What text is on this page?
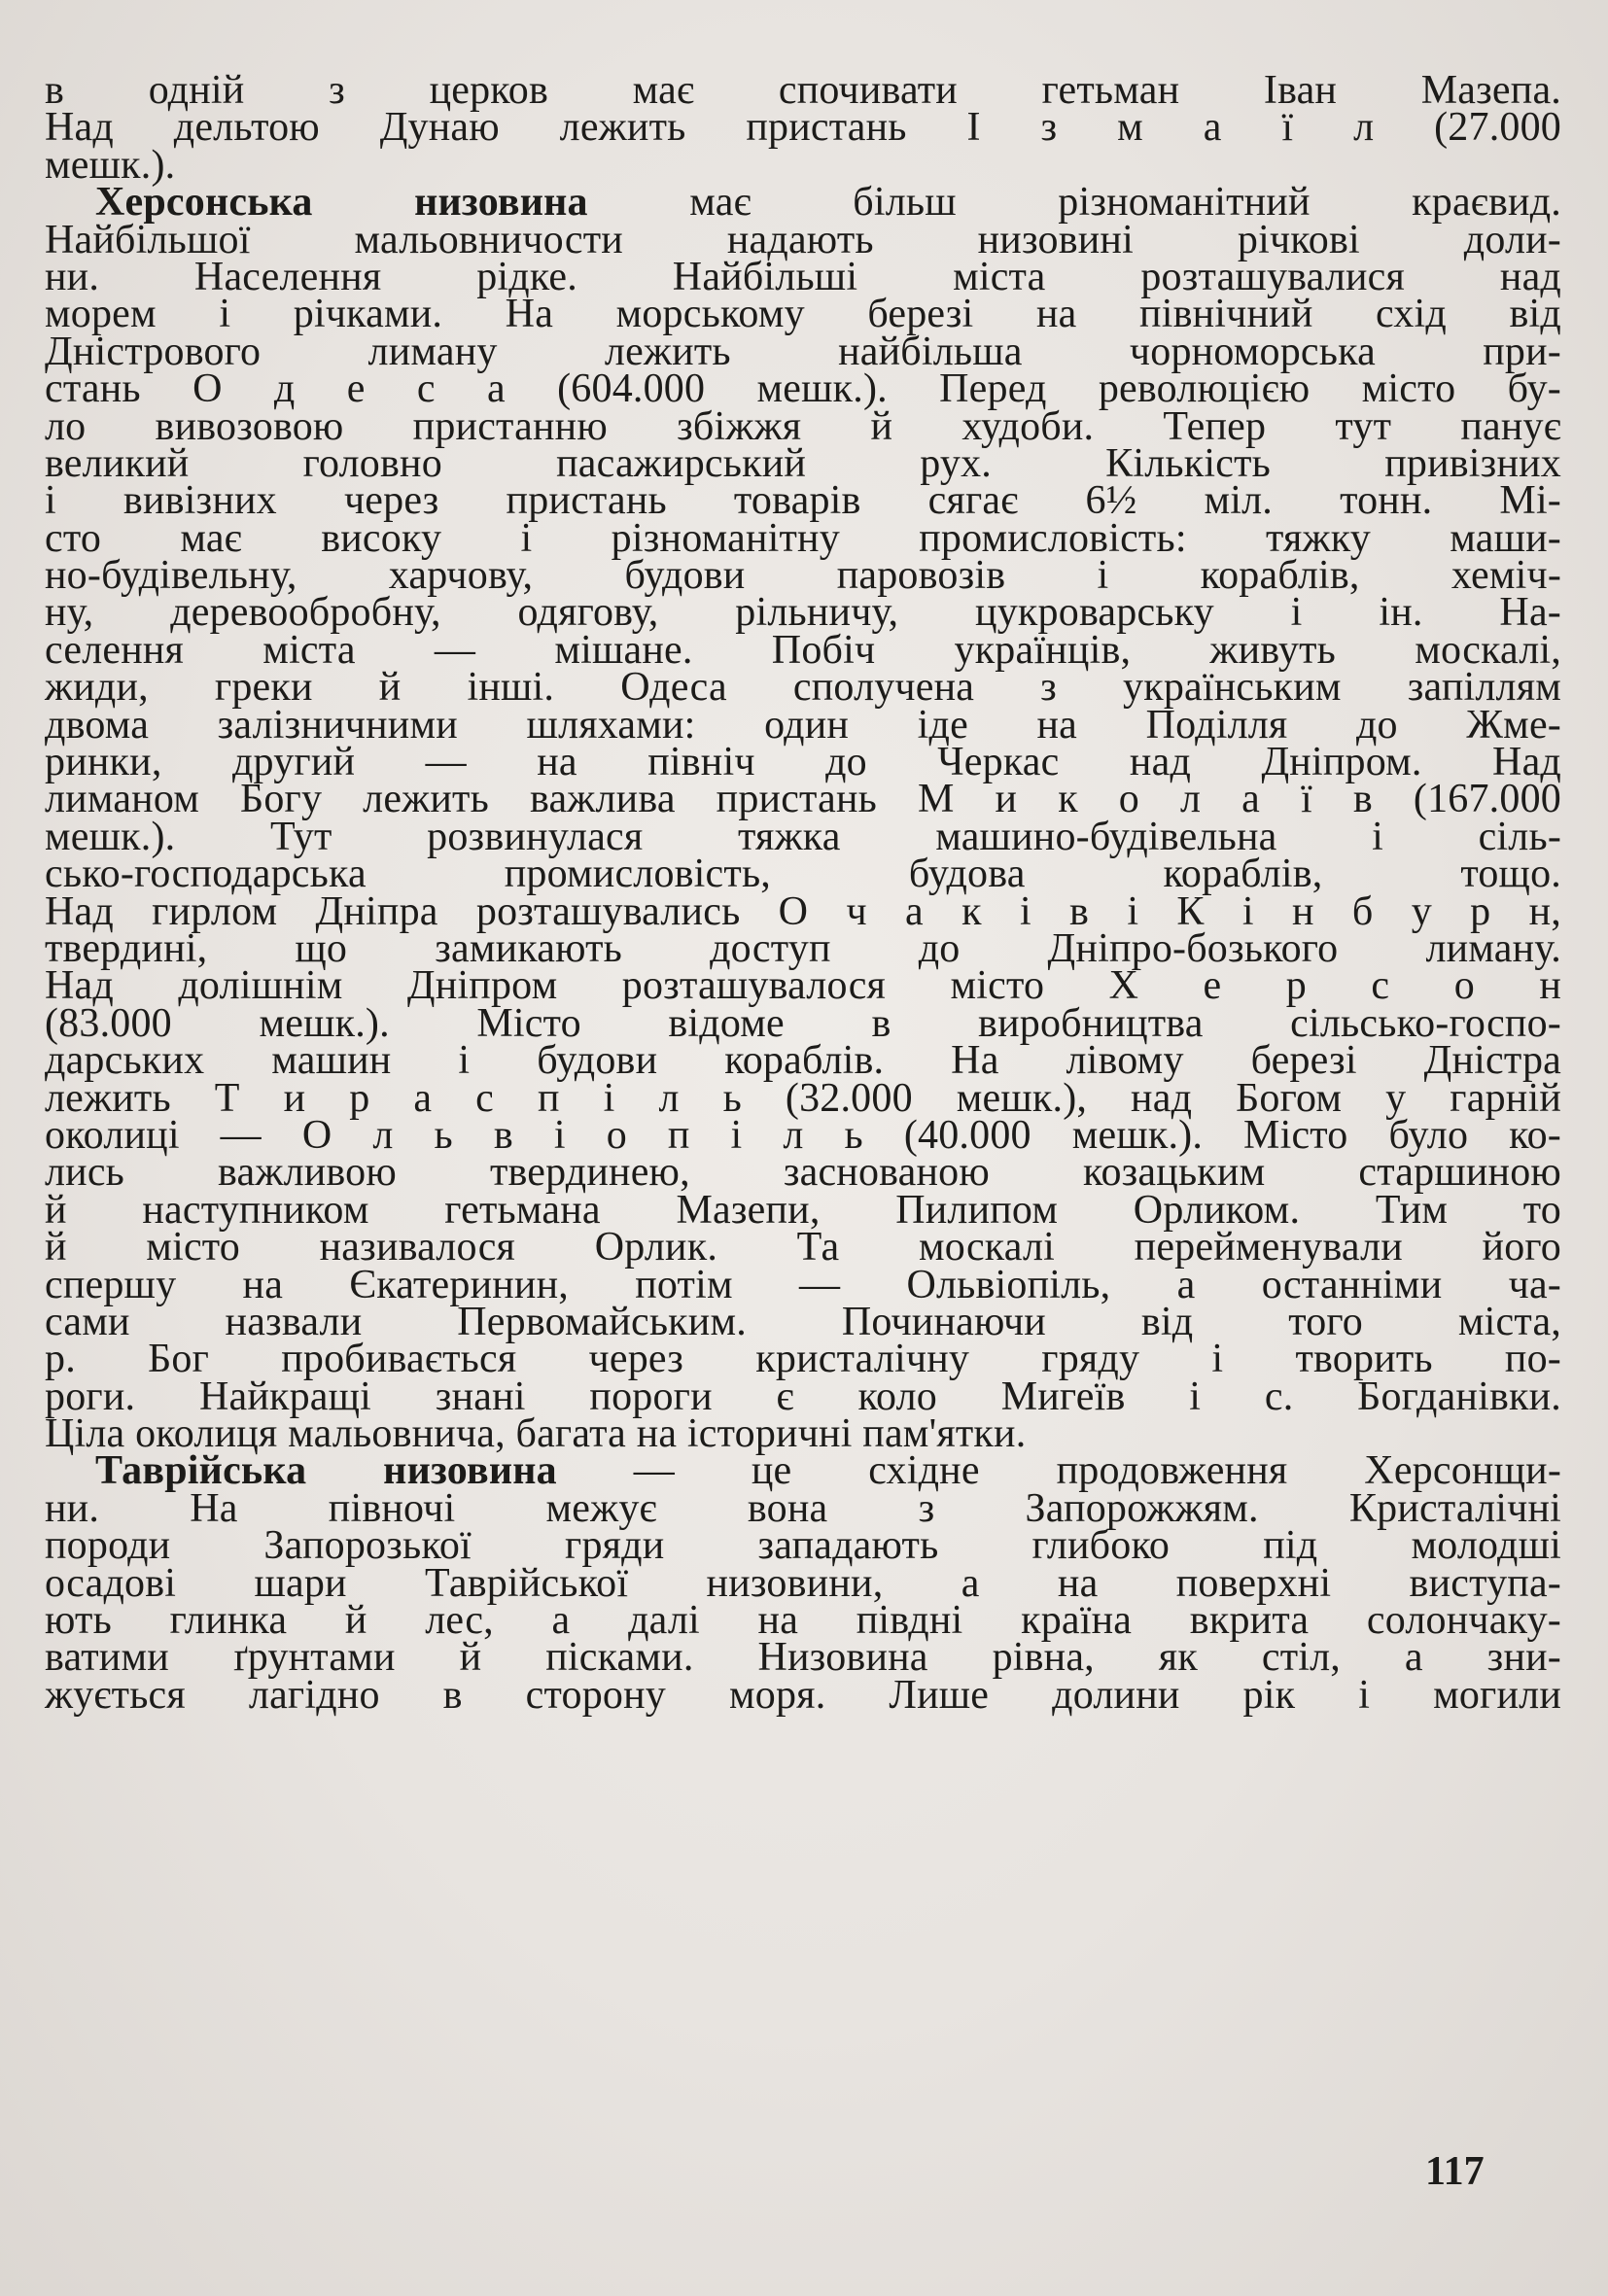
в одній з церков має спочивати гетьман Іван Мазепа.
Над дельтою Дунаю лежить пристань І з м а ї л (27.000
мешк.).
Херсонська низовина має більш різноманітний краєвид.
Найбільшої мальовничости надають низовині річкові доли-
ни. Населення рідке. Найбільші міста розташувалися над
морем і річками. На морському березі на північний схід від
Дністрового лиману лежить найбільша чорноморська при-
стань О д е с а (604.000 мешк.). Перед революцією місто бу-
ло вивозовою пристанню збіжжя й худоби. Тепер тут панує
великий головно пасажирський рух. Кількість привізних
і вивізних через пристань товарів сягає 6½ міл. тонн. Мі-
сто має високу і різноманітну промисловість: тяжку маши-
но-будівельну, харчову, будови паровозів і кораблів, хеміч-
ну, деревообробну, одягову, рільничу, цукроварську і ін. На-
селення міста — мішане. Побіч українців, живуть москалі,
жиди, греки й інші. Одеса сполучена з українським запіллям
двома залізничними шляхами: один іде на Поділля до Жме-
ринки, другий — на північ до Черкас над Дніпром. Над
лиманом Богу лежить важлива пристань М и к о л а ї в (167.000
мешк.). Тут розвинулася тяжка машино-будівельна і сіль-
сько-господарська промисловість, будова кораблів, тощо.
Над гирлом Дніпра розташувались О ч а к і в і К і н б у р н,
твердині, що замикають доступ до Дніпро-бозького лиману.
Над долішнім Дніпром розташувалося місто Х е р с о н
(83.000 мешк.). Місто відоме в виробництва сільсько-госпо-
дарських машин і будови кораблів. На лівому березі Дністра
лежить Т и р а с п і л ь (32.000 мешк.), над Богом у гарній
околиці — О л ь в і о п і л ь (40.000 мешк.). Місто було ко-
лись важливою твердинею, заснованою козацьким старшиною
й наступником гетьмана Мазепи, Пилипом Орликом. Тим то
й місто називалося Орлик. Та москалі перейменували його
спершу на Єкатеринин, потім — Ольвіопіль, а останніми ча-
сами назвали Первомайським. Починаючи від того міста,
р. Бог пробивається через кристалічну гряду і творить по-
роги. Найкращі знані пороги є коло Мигеїв і с. Богданівки.
Ціла околиця мальовнича, багата на історичні пам'ятки.
Таврійська низовина — це східне продовження Херсонщи-
ни. На півночі межує вона з Запорожжям. Кристалічні
породи Запорозької гряди западають глибоко під молодші
осадові шари Таврійської низовини, а на поверхні виступа-
ють глинка й лес, а далі на півдні країна вкрита солончаку-
ватими ґрунтами й пісками. Низовина рівна, як стіл, а зни-
жується лагідно в сторону моря. Лише долини рік і могили
117
